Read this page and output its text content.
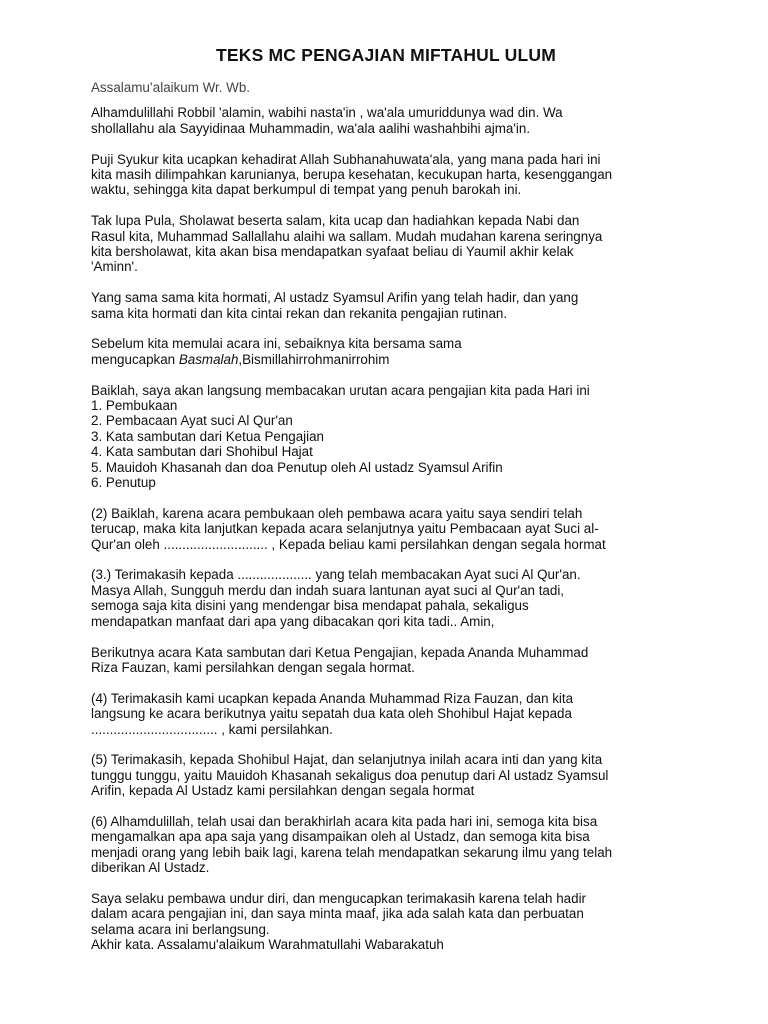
TEKS MC PENGAJIAN MIFTAHUL ULUM
Assalamu’alaikum Wr. Wb.
Alhamdulillahi Robbil 'alamin, wabihi nasta'in , wa'ala umuriddunya wad din. Wa
shollallahu ala Sayyidinaa Muhammadin, wa'ala aalihi washahbihi ajma'in.
Puji Syukur kita ucapkan kehadirat Allah Subhanahuwata'ala, yang mana pada hari ini
kita masih dilimpahkan karunianya, berupa kesehatan, kecukupan harta, kesenggangan
waktu, sehingga kita dapat berkumpul di tempat yang penuh barokah ini.
Tak lupa Pula, Sholawat beserta salam, kita ucap dan hadiahkan kepada Nabi dan
Rasul kita, Muhammad Sallallahu alaihi wa sallam. Mudah mudahan karena seringnya
kita bersholawat, kita akan bisa mendapatkan syafaat beliau di Yaumil akhir kelak
'Aminn'.
Yang sama sama kita hormati, Al ustadz Syamsul Arifin yang telah hadir, dan yang
sama kita hormati dan kita cintai rekan dan rekanita pengajian rutinan.
Sebelum kita memulai acara ini, sebaiknya kita bersama sama
mengucapkan Basmalah,Bismillahirrohmanirrohim
Baiklah, saya akan langsung membacakan urutan acara pengajian kita pada Hari ini
1. Pembukaan
2. Pembacaan Ayat suci Al Qur'an
3. Kata sambutan dari Ketua Pengajian
4. Kata sambutan dari Shohibul Hajat
5. Mauidoh Khasanah dan doa Penutup oleh Al ustadz Syamsul Arifin
6. Penutup
(2) Baiklah, karena acara pembukaan oleh pembawa acara yaitu saya sendiri telah
terucap, maka kita lanjutkan kepada acara selanjutnya yaitu Pembacaan ayat Suci al-
Qur'an oleh ............................ , Kepada beliau kami persilahkan dengan segala hormat
(3.) Terimakasih kepada .................... yang telah membacakan Ayat suci Al Qur'an.
Masya Allah, Sungguh merdu dan indah suara lantunan ayat suci al Qur'an tadi,
semoga saja kita disini yang mendengar bisa mendapat pahala, sekaligus
mendapatkan manfaat dari apa yang dibacakan qori kita tadi.. Amin,
Berikutnya acara Kata sambutan dari Ketua Pengajian, kepada Ananda Muhammad
Riza Fauzan, kami persilahkan dengan segala hormat.
(4) Terimakasih kami ucapkan kepada Ananda Muhammad Riza Fauzan, dan kita
langsung ke acara berikutnya yaitu sepatah dua kata oleh Shohibul Hajat kepada
.................................. , kami persilahkan.
(5) Terimakasih, kepada Shohibul Hajat, dan selanjutnya inilah acara inti dan yang kita
tunggu tunggu, yaitu Mauidoh Khasanah sekaligus doa penutup dari Al ustadz Syamsul
Arifin, kepada Al Ustadz kami persilahkan dengan segala hormat
(6) Alhamdulillah, telah usai dan berakhirlah acara kita pada hari ini, semoga kita bisa
mengamalkan apa apa saja yang disampaikan oleh al Ustadz, dan semoga kita bisa
menjadi orang yang lebih baik lagi, karena telah mendapatkan sekarung ilmu yang telah
diberikan Al Ustadz.
Saya selaku pembawa undur diri, dan mengucapkan terimakasih karena telah hadir
dalam acara pengajian ini, dan saya minta maaf, jika ada salah kata dan perbuatan
selama acara ini berlangsung.
Akhir kata. Assalamu'alaikum Warahmatullahi Wabarakatuh
